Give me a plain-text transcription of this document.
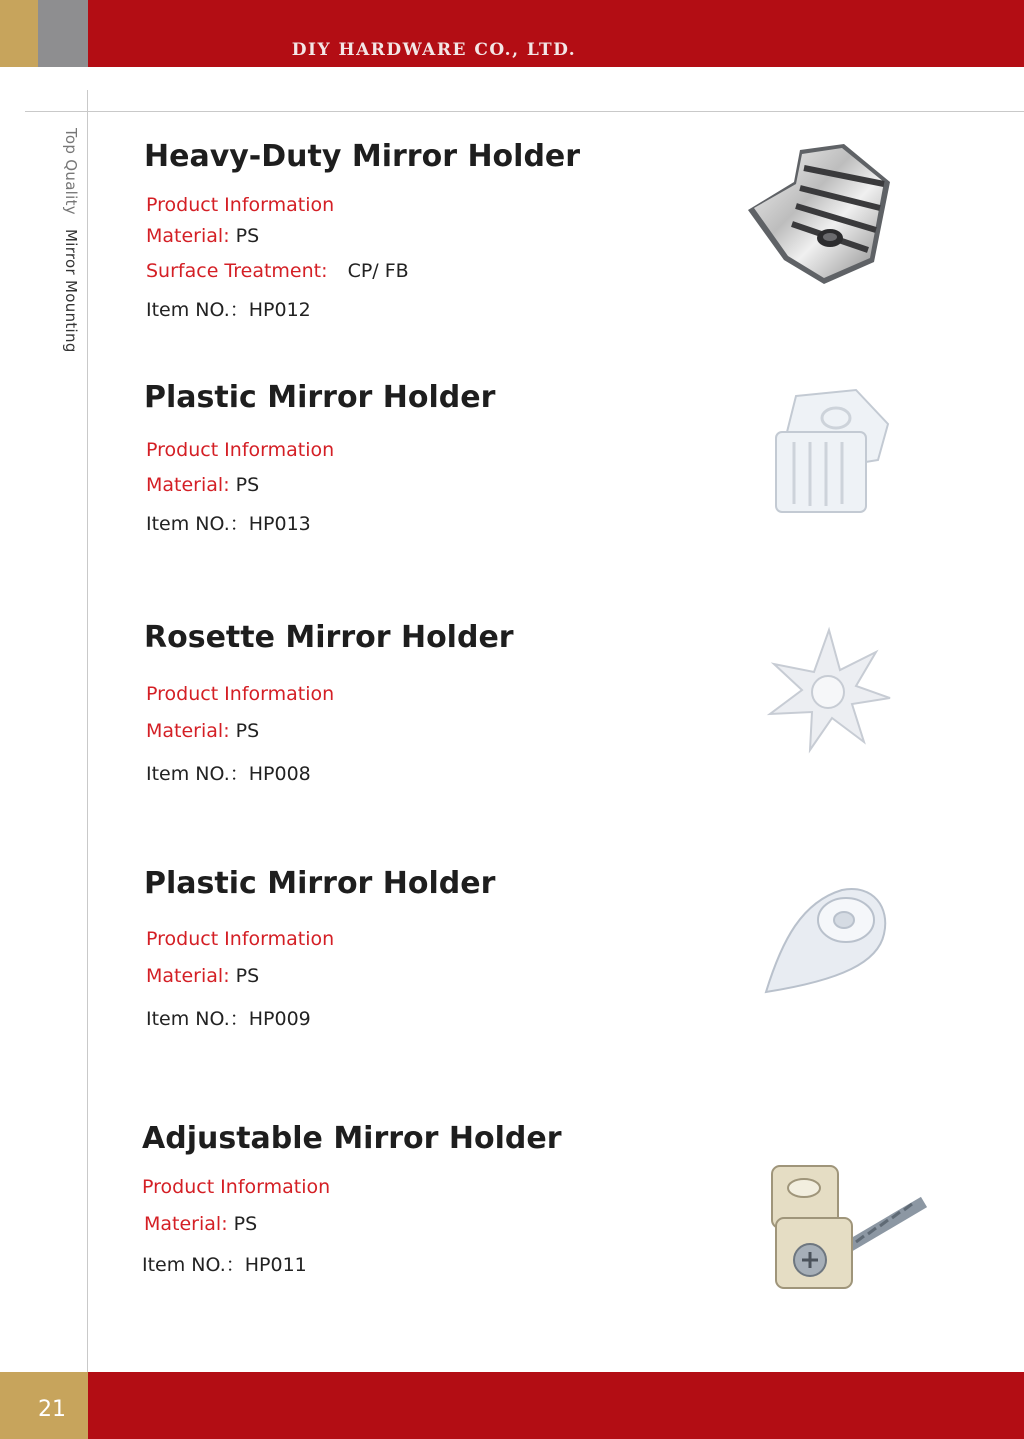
DIY HARDWARE CO., LTD.
Top QualityMirror Mounting
Heavy-Duty Mirror Holder
Product Information
Material: PS
Surface Treatment: CP/ FB
Item NO.：HP012
Plastic Mirror Holder
Product Information
Material: PS
Item NO.：HP013
Rosette Mirror Holder
Product Information
Material: PS
Item NO.：HP008
Plastic Mirror Holder
Product Information
Material: PS
Item NO.：HP009
Adjustable Mirror Holder
Product Information
Material: PS
Item NO.：HP011
21
